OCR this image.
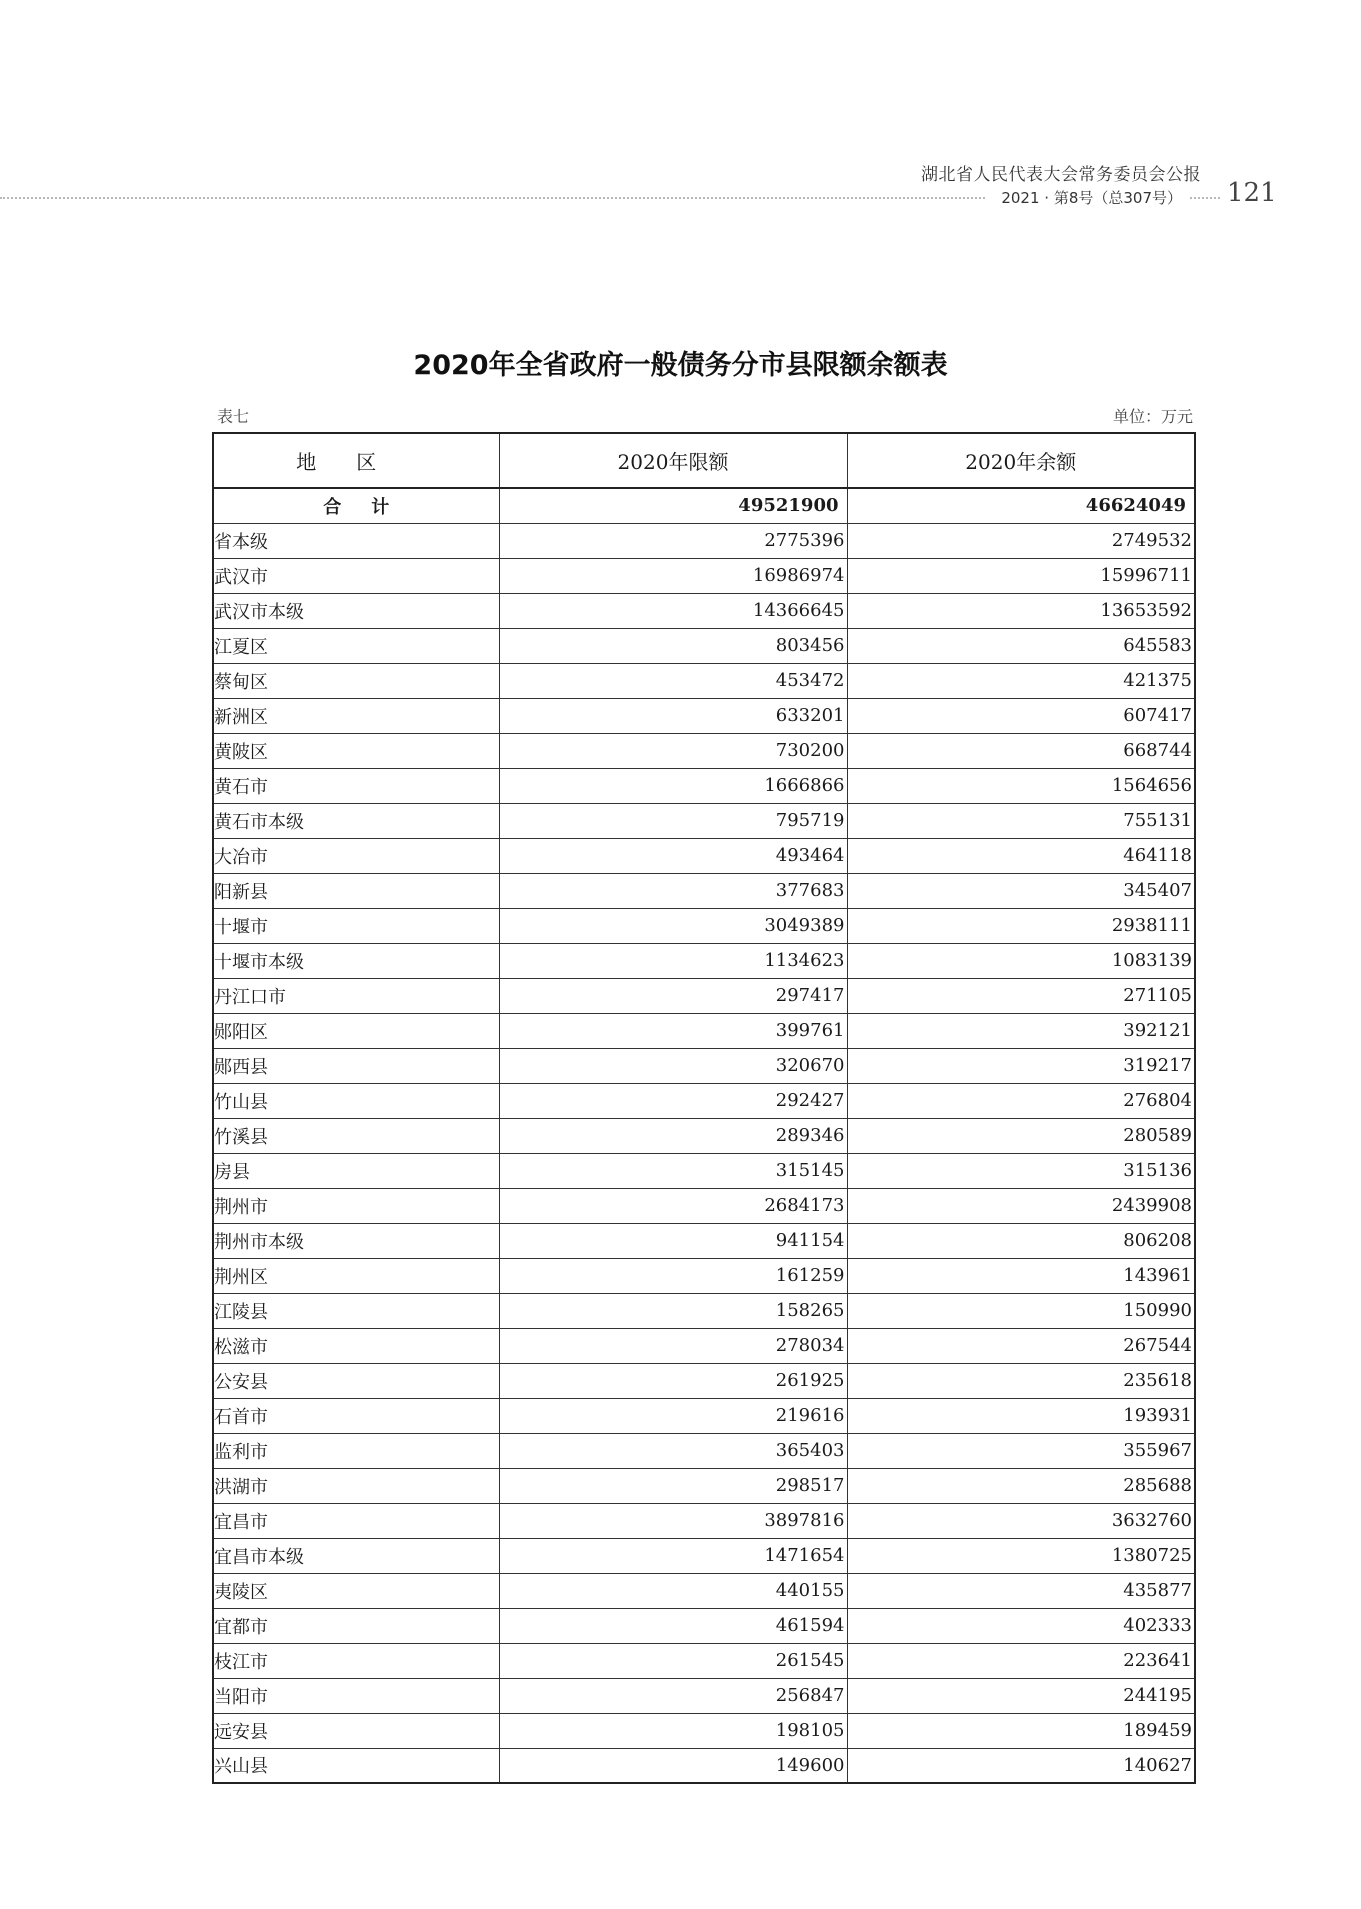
湖北省人民代表大会常务委员会公报
2021 · 第8号（总307号） 121
2020年全省政府一般债务分市县限额余额表
表七	单位：万元
地区	2020年限额	2020年余额
合计	49521900	46624049
省本级	2775396	2749532
武汉市	16986974	15996711
武汉市本级	14366645	13653592
江夏区	803456	645583
蔡甸区	453472	421375
新洲区	633201	607417
黄陂区	730200	668744
黄石市	1666866	1564656
黄石市本级	795719	755131
大冶市	493464	464118
阳新县	377683	345407
十堰市	3049389	2938111
十堰市本级	1134623	1083139
丹江口市	297417	271105
郧阳区	399761	392121
郧西县	320670	319217
竹山县	292427	276804
竹溪县	289346	280589
房县	315145	315136
荆州市	2684173	2439908
荆州市本级	941154	806208
荆州区	161259	143961
江陵县	158265	150990
松滋市	278034	267544
公安县	261925	235618
石首市	219616	193931
监利市	365403	355967
洪湖市	298517	285688
宜昌市	3897816	3632760
宜昌市本级	1471654	1380725
夷陵区	440155	435877
宜都市	461594	402333
枝江市	261545	223641
当阳市	256847	244195
远安县	198105	189459
兴山县	149600	140627
